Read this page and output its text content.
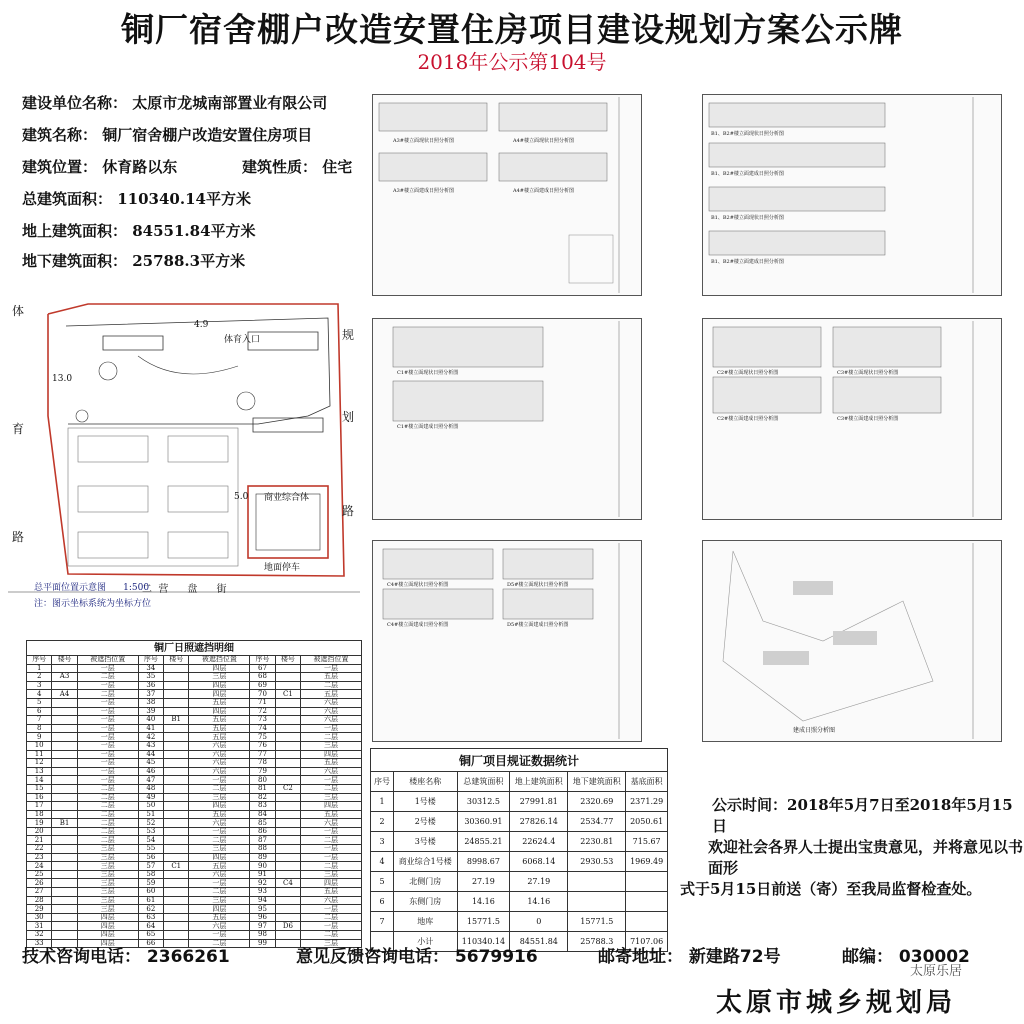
铜厂宿舍棚户改造安置住房项目建设规划方案公示牌
2018年公示第104号
建设单位名称： 太原市龙城南部置业有限公司
建筑名称： 铜厂宿舍棚户改造安置住房项目
建筑位置： 休育路以东	建筑性质： 住宅
总建筑面积： 110340.14平方米
地上建筑面积： 84551.84平方米
地下建筑面积： 25788.3平方米
体
育
路
规
划
路
二  营      盘      街
体育入口
商业综合体
地面停车
4.9
13.0
5.0
总平面位置示意图      1:500
注：图示坐标系统为坐标方位
A3#楼立面现状日照分析图	A4#楼立面现状日照分析图
A3#楼立面建成日照分析图	A4#楼立面建成日照分析图
B1、B2#楼立面现状日照分析图
B1、B2#楼立面建成日照分析图
B1、B2#楼立面现状日照分析图
B1、B2#楼立面建成日照分析图
C1#楼立面现状日照分析图
C1#楼立面建成日照分析图
C2#楼立面现状日照分析图	C3#楼立面现状日照分析图
C2#楼立面建成日照分析图	C3#楼立面建成日照分析图
C4#楼立面现状日照分析图	D5#楼立面现状日照分析图
C4#楼立面建成日照分析图	D5#楼立面建成日照分析图
建成日照分析图
铜厂日照遮挡明细								
序号	楼号	被遮挡位置	序号	楼号	被遮挡位置	序号	楼号	被遮挡位置
1		一层	34		四层	67		一层
2	A3	二层	35		三层	68		五层
3		一层	36		四层	69		二层
4	A4	二层	37		四层	70	C1	五层
5		一层	38		五层	71		六层
6		一层	39		四层	72		六层
7		一层	40	B1	五层	73		六层
8		一层	41		五层	74		一层
9		一层	42		五层	75		二层
10		一层	43		六层	76		三层
11		一层	44		六层	77		四层
12		一层	45		六层	78		五层
13		一层	46		六层	79		六层
14		一层	47		一层	80		一层
15		二层	48		二层	81	C2	二层
16		二层	49		三层	82		三层
17		二层	50		四层	83		四层
18		二层	51		五层	84		五层
19	B1	二层	52		六层	85		六层
20		二层	53		一层	86		一层
21		二层	54		二层	87		二层
22		三层	55		三层	88		一层
23		三层	56		四层	89		一层
24		三层	57	C1	五层	90		二层
25		三层	58		六层	91		三层
26		三层	59		一层	92	C4	四层
27		三层	60		二层	93		五层
28		三层	61		三层	94		六层
29		三层	62		四层	95		一层
30		四层	63		五层	96		二层
31		四层	64		六层	97	D6	一层
32		四层	65		一层	98		二层
33		四层	66		二层	99		三层
铜厂项目规证数据统计					
序号	楼座名称	总建筑面积	地上建筑面积	地下建筑面积	基底面积
1	1号楼	30312.5	27991.81	2320.69	2371.29
2	2号楼	30360.91	27826.14	2534.77	2050.61
3	3号楼	24855.21	22624.4	2230.81	715.67
4	商业综合1号楼	8998.67	6068.14	2930.53	1969.49
5	北侧门房	27.19	27.19		
6	东侧门房	14.16	14.16		
7	地库	15771.5	0	15771.5	
	小计	110340.14	84551.84	25788.3	7107.06
公示时间：2018年5月7日至2018年5月15日
欢迎社会各界人士提出宝贵意见，并将意见以书面形
式于5月15日前送（寄）至我局监督检查处。
技术咨询电话： 2366261	意见反馈咨询电话： 5679916	邮寄地址： 新建路72号	邮编： 030002
太原乐居
太原市城乡规划局
